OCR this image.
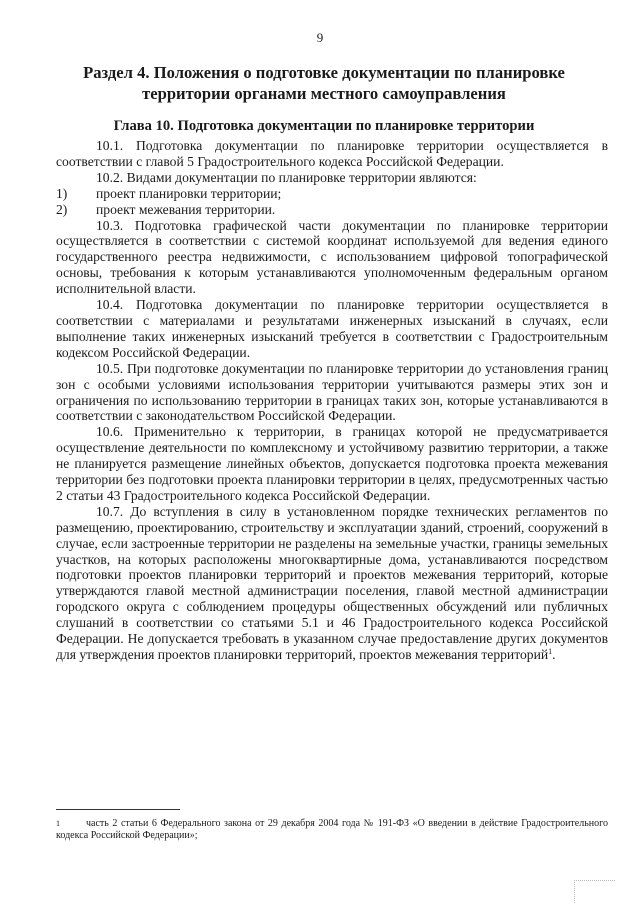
9
Раздел 4. Положения о подготовке документации по планировке территории органами местного самоуправления
Глава 10. Подготовка документации по планировке территории

10.1. Подготовка документации по планировке территории осуществляется в соответствии с главой 5 Градостроительного кодекса Российской Федерации.

10.2. Видами документации по планировке территории являются:

1)	проект планировки территории;
2)	проект межевания территории.

10.3. Подготовка графической части документации по планировке территории осуществляется в соответствии с системой координат используемой для ведения единого государственного реестра недвижимости, с использованием цифровой топографической основы, требования к которым устанавливаются уполномоченным федеральным органом исполнительной власти.

10.4. Подготовка документации по планировке территории осуществляется в соответствии с материалами и результатами инженерных изысканий в случаях, если выполнение таких инженерных изысканий требуется в соответствии с Градостроительным кодексом Российской Федерации.

10.5. При подготовке документации по планировке территории до установления границ зон с особыми условиями использования территории учитываются размеры этих зон и ограничения по использованию территории в границах таких зон, которые устанавливаются в соответствии с законодательством Российской Федерации.

10.6. Применительно к территории, в границах которой не предусматривается осуществление деятельности по комплексному и устойчивому развитию территории, а также не планируется размещение линейных объектов, допускается подготовка проекта межевания территории без подготовки проекта планировки территории в целях, предусмотренных частью 2 статьи 43 Градостроительного кодекса Российской Федерации.

10.7. До вступления в силу в установленном порядке технических регламентов по размещению, проектированию, строительству и эксплуатации зданий, строений, сооружений в случае, если застроенные территории не разделены на земельные участки, границы земельных участков, на которых расположены многоквартирные дома, устанавливаются посредством подготовки проектов планировки территорий и проектов межевания территорий, которые утверждаются главой местной администрации поселения, главой местной администрации городского округа с соблюдением процедуры общественных обсуждений или публичных слушаний в соответствии со статьями 5.1 и 46 Градостроительного кодекса Российской Федерации. Не допускается требовать в указанном случае предоставление других документов для утверждения проектов планировки территорий, проектов межевания территорий$^1$.

1	часть 2 статьи 6 Федерального закона от 29 декабря 2004 года № 191-ФЗ «О введении в действие Градостроительного кодекса Российской Федерации»;
